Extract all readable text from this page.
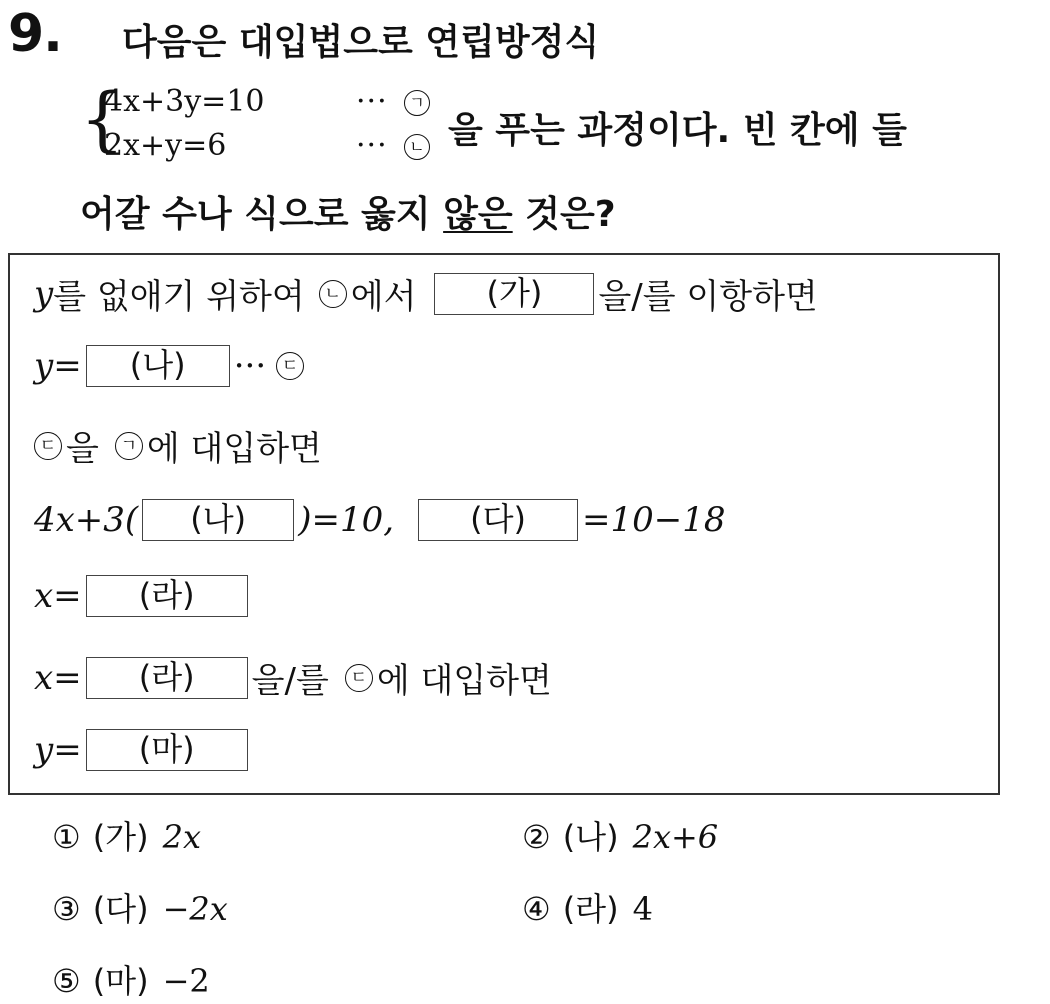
9. 다음은 대입법으로 연립방정식
{
4x+3y=10	···	ㄱ
2x+y=6	···	ㄴ 을 푸는 과정이다. 빈 칸에 들
어갈 수나 식으로 옳지 않은 것은?
y 를 없애기 위하여	ㄴ 에서	(가)	을/를 이항하면
y=	(나)	··· ㄷ
ㄷ 을	ㄱ 에 대입하면
4x+3(	(나)	)=10,	(다)	=10−18
x=	(라)
x=	(라)	을/를	ㄷ 에 대입하면
y=	(마)
① (가) 2x	② (나) 2x+6
③ (다) −2x	④ (라) 4
⑤ (마) −2
